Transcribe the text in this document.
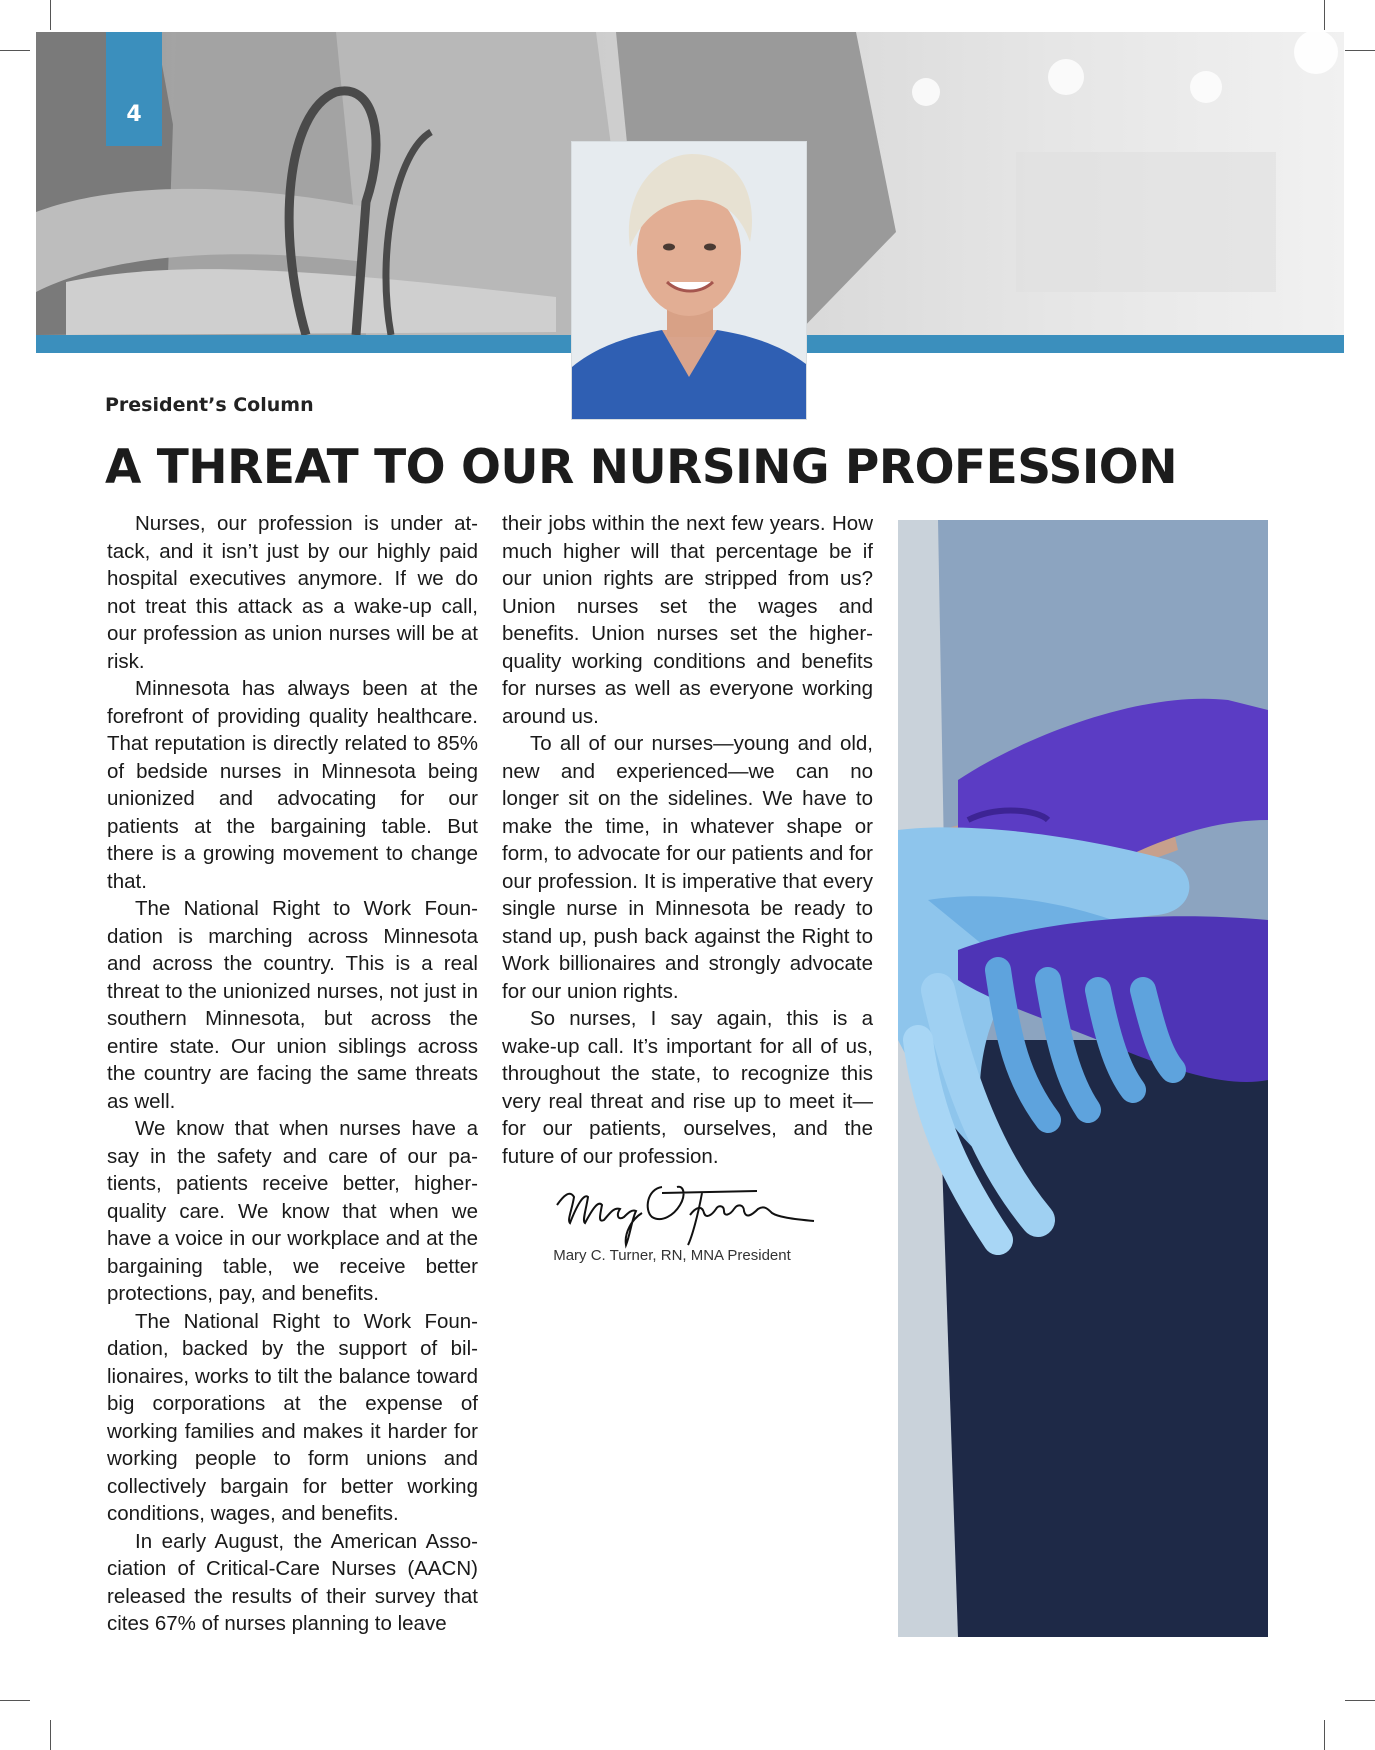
4
President’s Column
A THREAT TO OUR NURSING PROFESSION

Nurses, our profession is under attack, and it isn’t just by our highly paid hospital executives anymore. If we do not treat this attack as a wake-up call, our profession as union nurses will be at risk.

Minnesota has always been at the forefront of providing quality healthcare. That reputation is directly related to 85% of bedside nurses in Minnesota being unionized and advocating for our patients at the bargaining table. But there is a growing movement to change that.

The National Right to Work Foundation is marching across Minnesota and across the country. This is a real threat to the unionized nurses, not just in southern Minnesota, but across the entire state. Our union siblings across the country are facing the same threats as well.

We know that when nurses have a say in the safety and care of our patients, patients receive better, higher-quality care. We know that when we have a voice in our workplace and at the bargaining table, we receive better protections, pay, and benefits.

The National Right to Work Foundation, backed by the support of billionaires, works to tilt the balance toward big corporations at the expense of working families and makes it harder for working people to form unions and collectively bargain for better working conditions, wages, and benefits.

In early August, the American Association of Critical-Care Nurses (AACN) released the results of their survey that cites 67% of nurses planning to leave

their jobs within the next few years. How much higher will that percentage be if our union rights are stripped from us? Union nurses set the wages and benefits. Union nurses set the higher-quality working conditions and benefits for nurses as well as everyone working around us.

To all of our nurses—young and old, new and experienced—we can no longer sit on the sidelines. We have to make the time, in whatever shape or form, to advocate for our patients and for our profession. It is imperative that every single nurse in Minnesota be ready to stand up, push back against the Right to Work billionaires and strongly advocate for our union rights.

So nurses, I say again, this is a wake-up call. It’s important for all of us, throughout the state, to recognize this very real threat and rise up to meet it—for our patients, ourselves, and the future of our profession.

Mary C. Turner, RN, MNA President
